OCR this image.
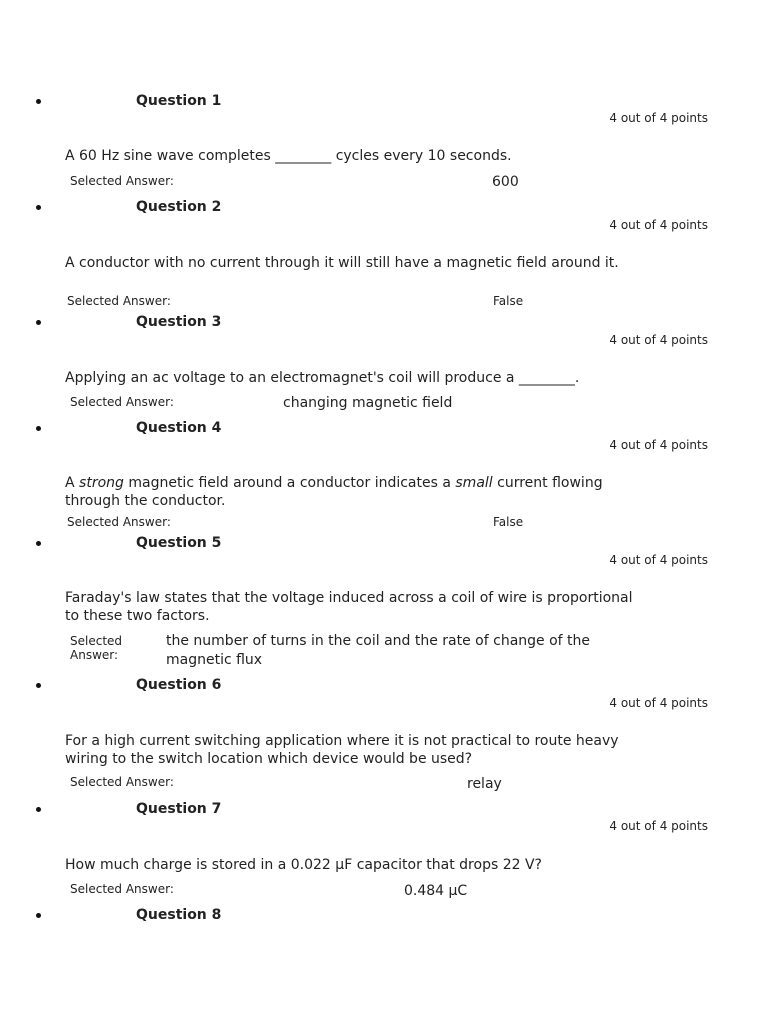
Question 1
4 out of 4 points
A 60 Hz sine wave completes ________ cycles every 10 seconds.
Selected Answer:	600
Question 2
4 out of 4 points
A conductor with no current through it will still have a magnetic field around it.
Selected Answer:	False
Question 3
4 out of 4 points
Applying an ac voltage to an electromagnet's coil will produce a ________.
Selected Answer:	changing magnetic field
Question 4
4 out of 4 points
A strong magnetic field around a conductor indicates a small current flowing through the conductor.
Selected Answer:	False
Question 5
4 out of 4 points
Faraday's law states that the voltage induced across a coil of wire is proportional to these two factors.
Selected
Answer:
the number of turns in the coil and the rate of change of the magnetic flux
Question 6
4 out of 4 points
For a high current switching application where it is not practical to route heavy wiring to the switch location which device would be used?
Selected Answer:	relay
Question 7
4 out of 4 points
How much charge is stored in a 0.022 µF capacitor that drops 22 V?
Selected Answer:	0.484 µC
Question 8
